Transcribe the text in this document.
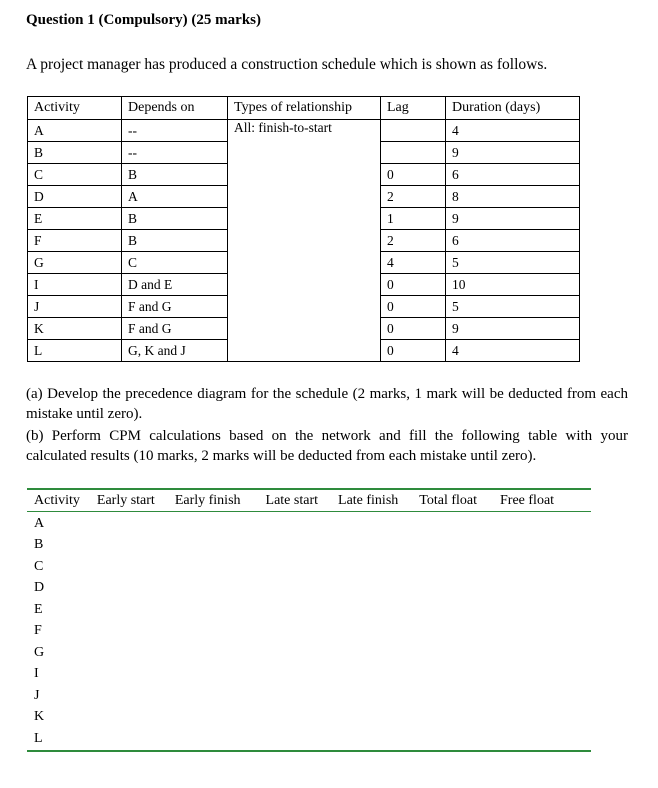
Question 1 (Compulsory) (25 marks)
A project manager has produced a construction schedule which is shown as follows.
Activity	Depends on	Types of relationship	Lag	Duration (days)
A	--	All: finish-to-start		4
B	--			9
C	B		0	6
D	A		2	8
E	B		1	9
F	B		2	6
G	C		4	5
I	D and E		0	10
J	F and G		0	5
K	F and G		0	9
L	G, K and J		0	4
(a) Develop the precedence diagram for the schedule (2 marks, 1 mark will be deducted from each mistake until zero).
(b) Perform CPM calculations based on the network and fill the following table with your calculated results (10 marks, 2 marks will be deducted from each mistake until zero).
Activity Early start Early finish Late start Late finish Total float Free float
A
B
C
D
E
F
G
I
J
K
L
